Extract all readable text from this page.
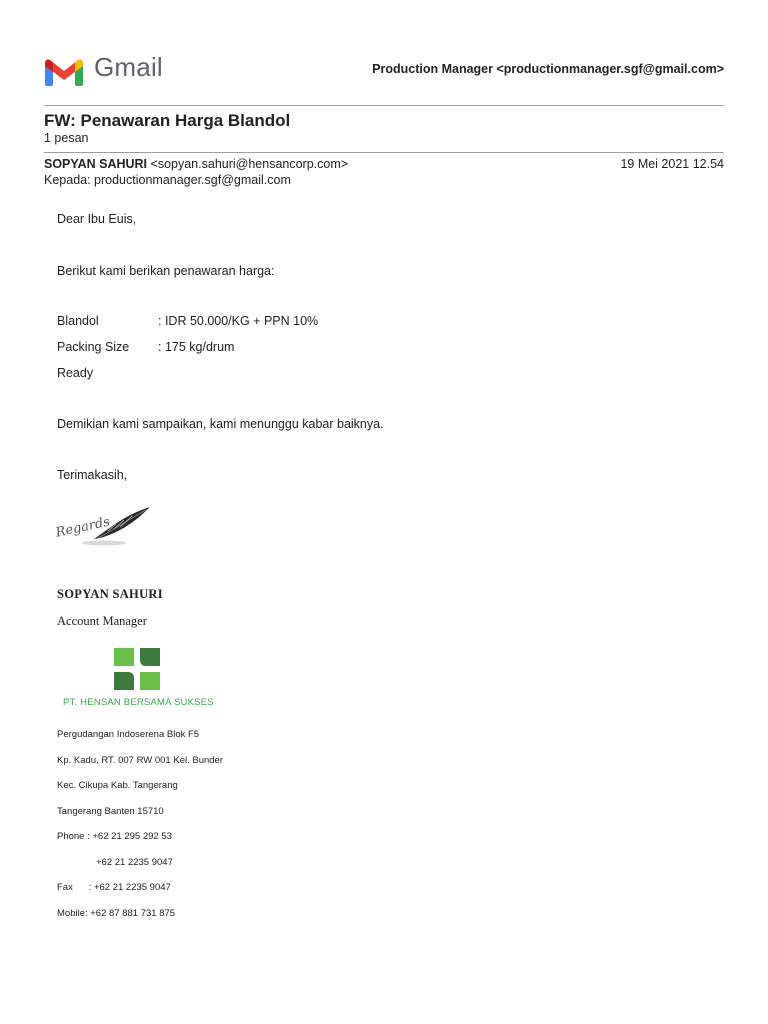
Gmail	Production Manager <productionmanager.sgf@gmail.com>
FW: Penawaran Harga Blandol
1 pesan
SOPYAN SAHURI <sopyan.sahuri@hensancorp.com>	19 Mei 2021 12.54
Kepada: productionmanager.sgf@gmail.com
Dear Ibu Euis,
Berikut kami berikan penawaran harga:
Blandol	: IDR 50.000/KG + PPN 10%
Packing Size : 175 kg/drum
Ready
Demikian kami sampaikan, kami menunggu kabar baiknya.
Terimakasih,
Regards
SOPYAN SAHURI
Account Manager
PT. HENSAN BERSAMA SUKSES
Pergudangan Indoserena Blok F5
Kp. Kadu, RT. 007 RW 001 Kel. Bunder
Kec. Cikupa Kab. Tangerang
Tangerang Banten 15710
Phone : +62 21 295 292 53
+62 21 2235 9047
Fax      : +62 21 2235 9047
Mobile: +62 87 881 731 875
